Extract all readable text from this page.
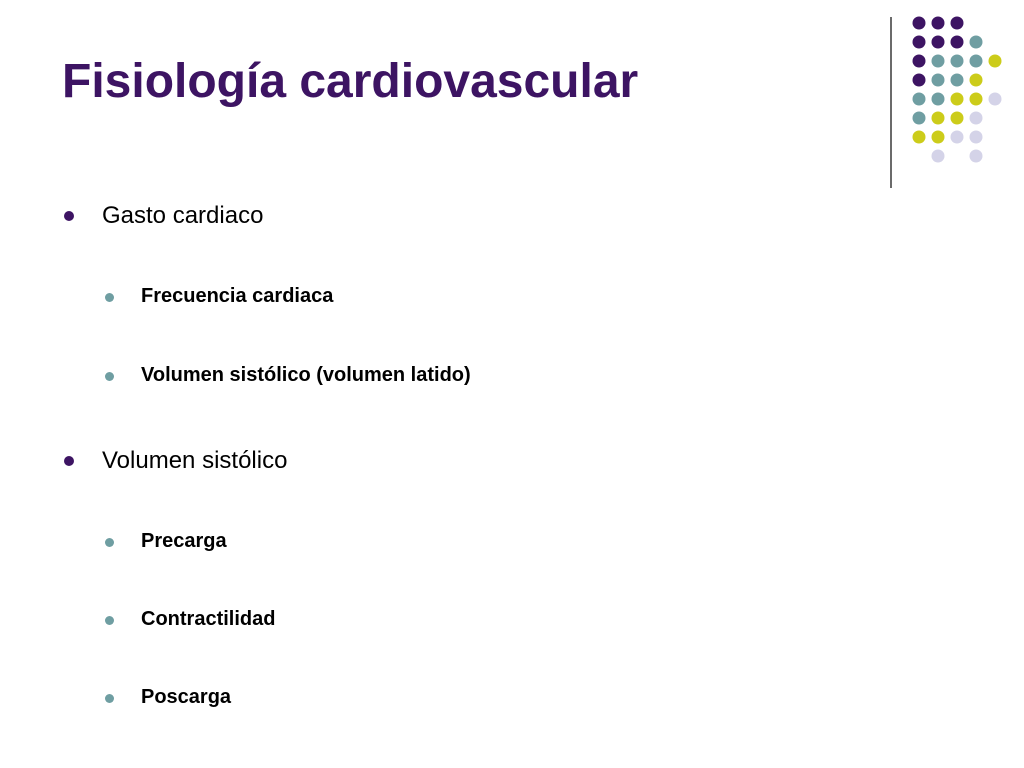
Fisiología cardiovascular
Gasto cardiaco
Frecuencia cardiaca
Volumen sistólico (volumen latido)
Volumen sistólico
Precarga
Contractilidad
Poscarga
